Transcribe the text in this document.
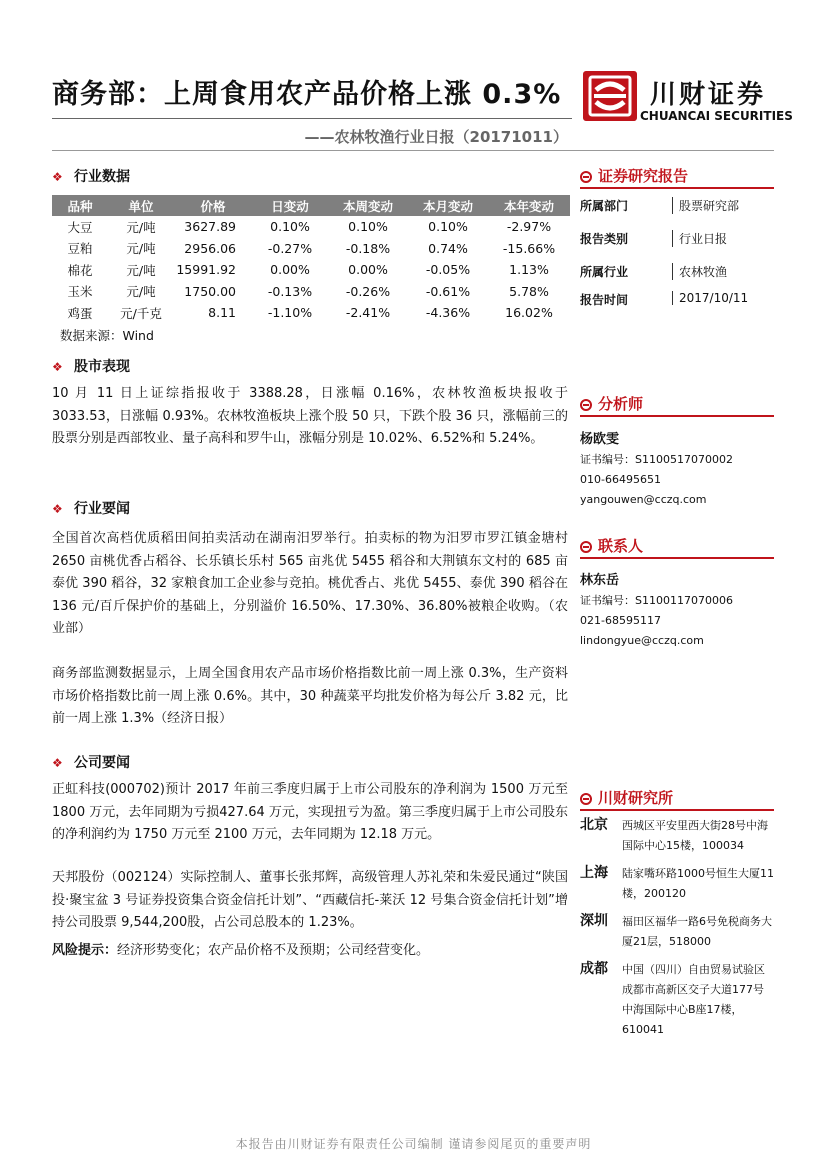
商务部：上周食用农产品价格上涨 0.3%	川财证券
CHUANCAI SECURITIES
——农林牧渔行业日报（20171011）
❖ 行业数据
品种	单位	价格	日变动	本周变动	本月变动	本年变动
大豆	元/吨	3627.89	0.10%	0.10%	0.10%	-2.97%
豆粕	元/吨	2956.06	-0.27%	-0.18%	0.74%	-15.66%
棉花	元/吨	15991.92	0.00%	0.00%	-0.05%	1.13%
玉米	元/吨	1750.00	-0.13%	-0.26%	-0.61%	5.78%
鸡蛋	元/千克	8.11	-1.10%	-2.41%	-4.36%	16.02%
数据来源：Wind
❖ 股市表现
10 月 11 日上证综指报收于 3388.28，日涨幅 0.16%，农林牧渔板块报收于 3033.53，日涨幅 0.93%。农林牧渔板块上涨个股 50 只，下跌个股 36 只，涨幅前三的股票分别是西部牧业、量子高科和罗牛山，涨幅分别是 10.02%、6.52%和 5.24%。
❖ 行业要闻
全国首次高档优质稻田间拍卖活动在湖南汨罗举行。拍卖标的物为汨罗市罗江镇金塘村 2650 亩桃优香占稻谷、长乐镇长乐村 565 亩兆优 5455 稻谷和大荆镇东文村的 685 亩泰优 390 稻谷，32 家粮食加工企业参与竞拍。桃优香占、兆优 5455、泰优 390 稻谷在 136 元/百斤保护价的基础上，分别溢价 16.50%、17.30%、36.80%被粮企收购。（农业部）
商务部监测数据显示，上周全国食用农产品市场价格指数比前一周上涨 0.3%，生产资料市场价格指数比前一周上涨 0.6%。其中，30 种蔬菜平均批发价格为每公斤 3.82 元，比前一周上涨 1.3%（经济日报）
❖ 公司要闻
正虹科技(000702)预计 2017 年前三季度归属于上市公司股东的净利润为 1500 万元至 1800 万元，去年同期为亏损427.64 万元，实现扭亏为盈。第三季度归属于上市公司股东的净利润约为 1750 万元至 2100 万元，去年同期为 12.18 万元。
天邦股份（002124）实际控制人、董事长张邦辉，高级管理人苏礼荣和朱爱民通过“陕国投·聚宝盆 3 号证券投资集合资金信托计划”、“西藏信托-莱沃 12 号集合资金信托计划”增持公司股票 9,544,200股，占公司总股本的 1.23%。
风险提示：经济形势变化；农产品价格不及预期；公司经营变化。
证券研究报告
所属部门	股票研究部
报告类别	行业日报
所属行业	农林牧渔
报告时间	2017/10/11
分析师
杨欧雯
证书编号：S1100517070002
010-66495651
yangouwen@cczq.com
联系人
林东岳
证书编号：S1100117070006
021-68595117
lindongyue@cczq.com
川财研究所
北京 西城区平安里西大街28号中海国际中心15楼，100034
上海 陆家嘴环路1000号恒生大厦11楼，200120
深圳 福田区福华一路6号免税商务大厦21层，518000
成都 中国（四川）自由贸易试验区成都市高新区交子大道177号中海国际中心B座17楼，610041
本报告由川财证券有限责任公司编制 谨请参阅尾页的重要声明
